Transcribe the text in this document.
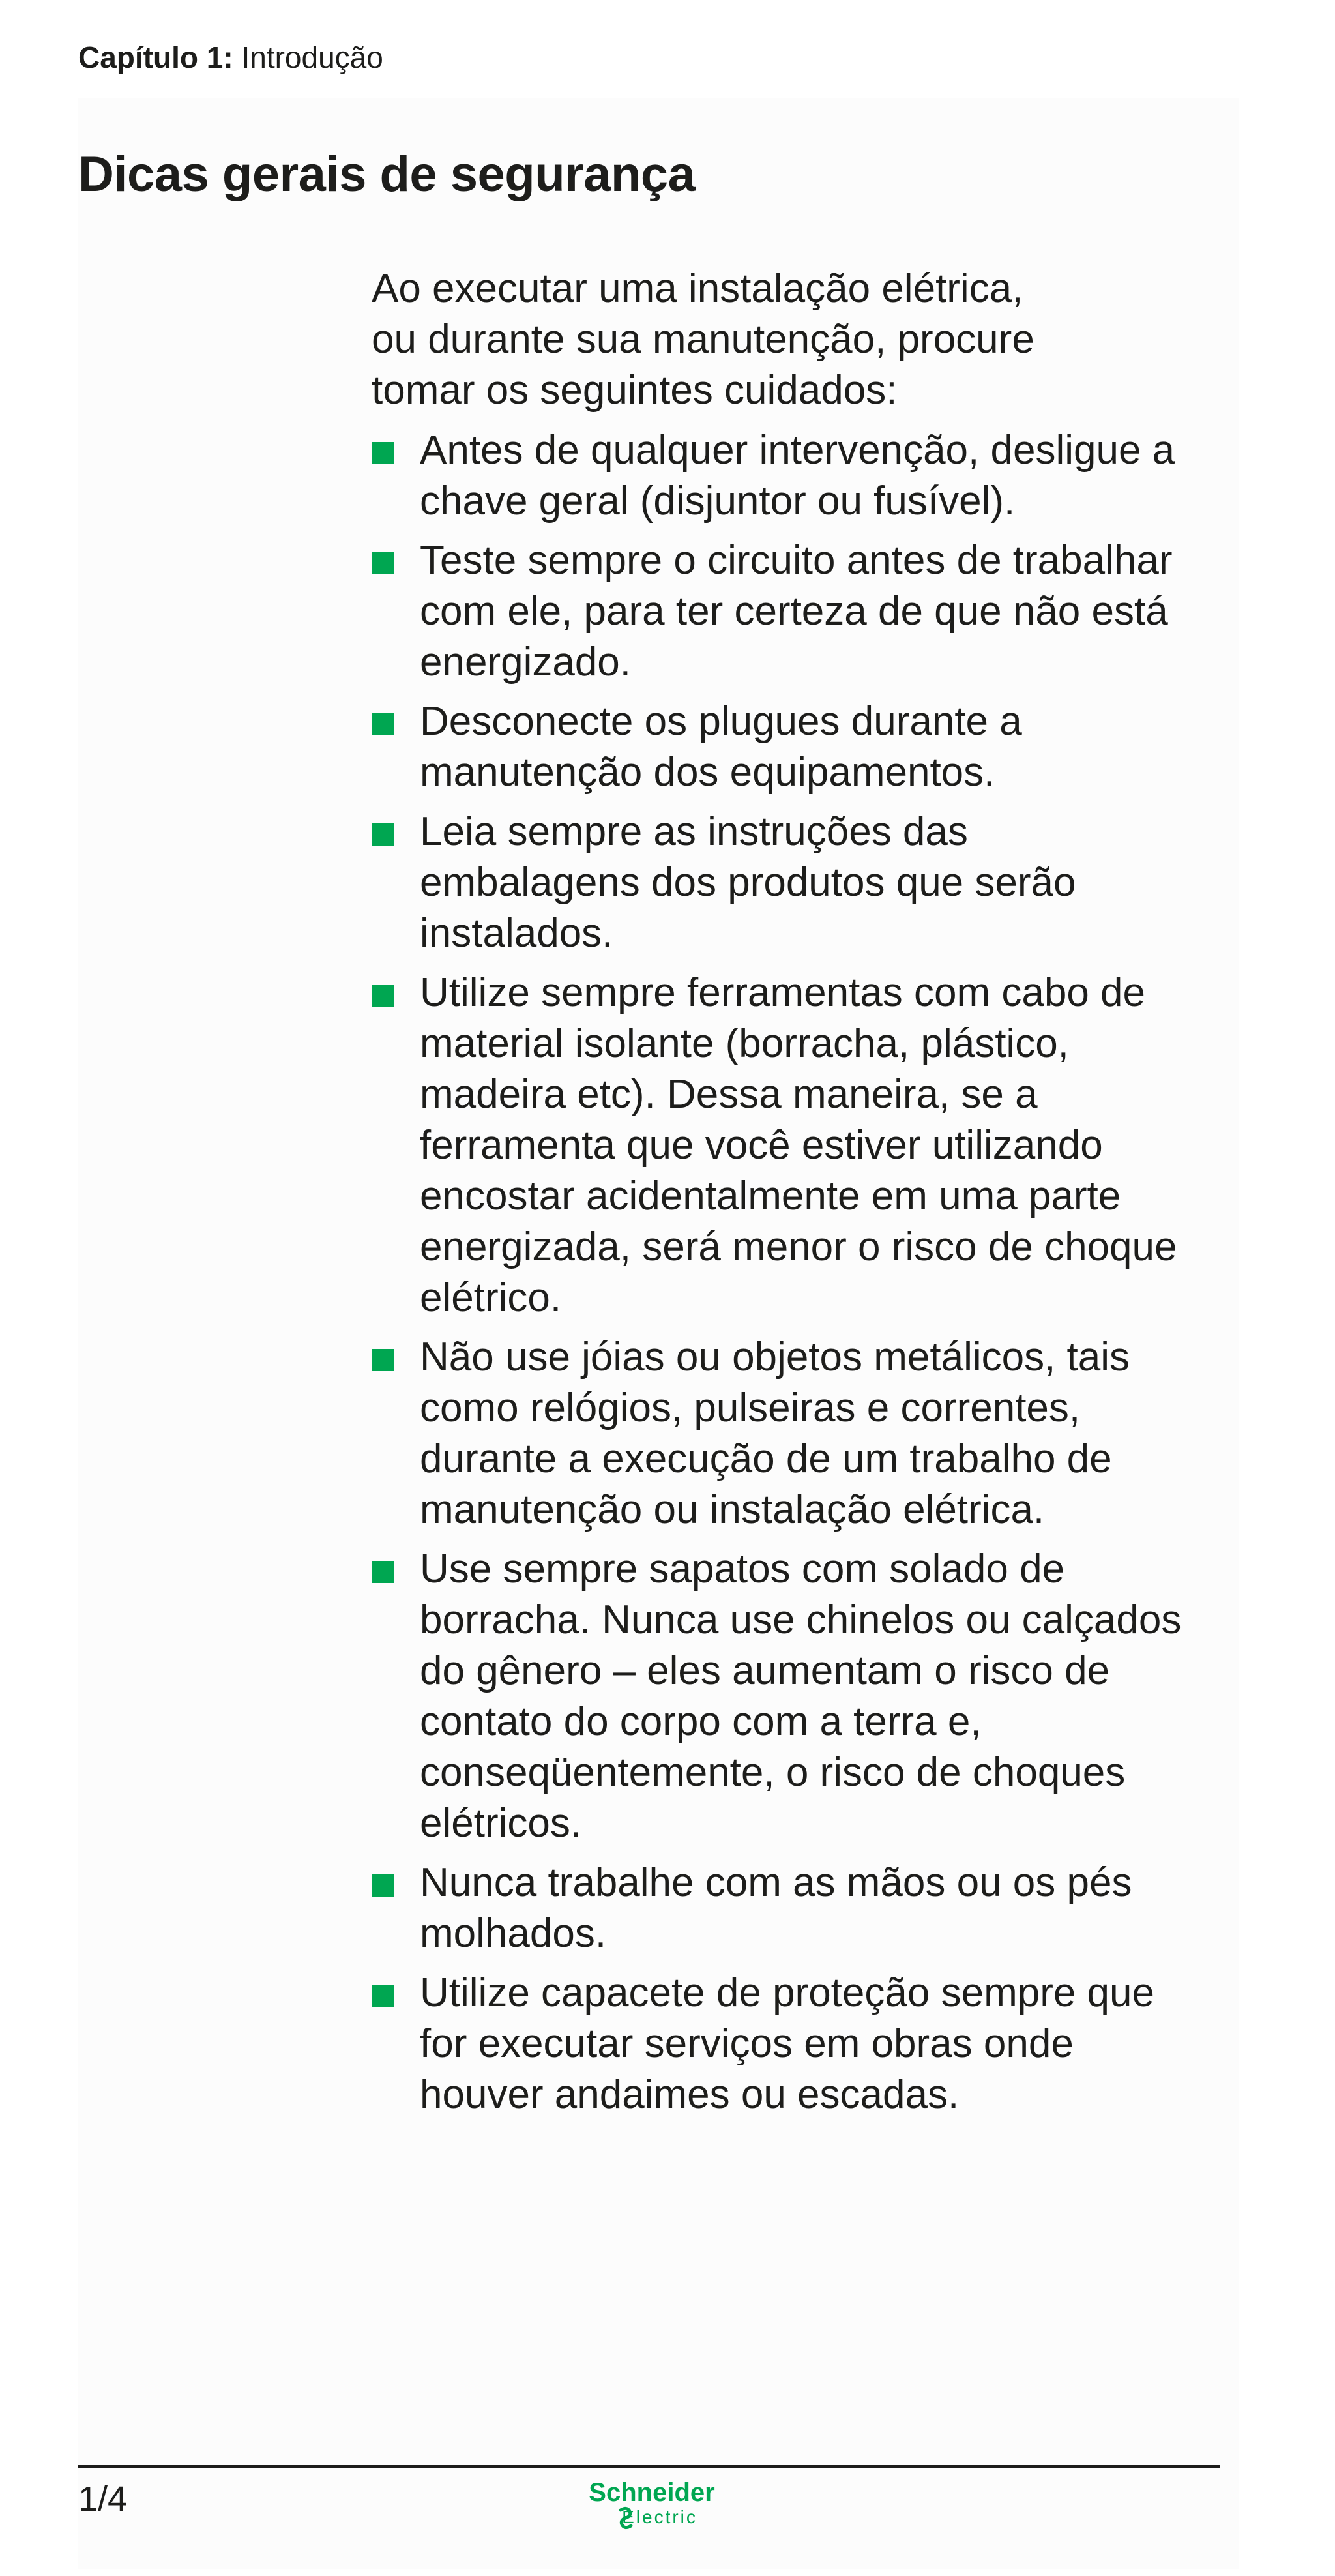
Capítulo 1: Introdução
Dicas gerais de segurança

Ao executar uma instalação elétrica,
ou durante sua manutenção, procure
tomar os seguintes cuidados:

Antes de qualquer intervenção, desligue a
chave geral (disjuntor ou fusível).
Teste sempre o circuito antes de trabalhar
com ele, para ter certeza de que não está
energizado.
Desconecte os plugues durante a
manutenção dos equipamentos.
Leia sempre as instruções das
embalagens dos produtos que serão
instalados.
Utilize sempre ferramentas com cabo de
material isolante (borracha, plástico,
madeira etc). Dessa maneira, se a
ferramenta que você estiver utilizando
encostar acidentalmente em uma parte
energizada, será menor o risco de choque
elétrico.
Não use jóias ou objetos metálicos, tais
como relógios, pulseiras e correntes,
durante a execução de um trabalho de
manutenção ou instalação elétrica.
Use sempre sapatos com solado de
borracha. Nunca use chinelos ou calçados
do gênero – eles aumentam o risco de
contato do corpo com a terra e,
conseqüentemente, o risco de choques
elétricos.
Nunca trabalhe com as mãos ou os pés
molhados.
Utilize capacete de proteção sempre que
for executar serviços em obras onde
houver andaimes ou escadas.
1/4	Schneider
Electric
